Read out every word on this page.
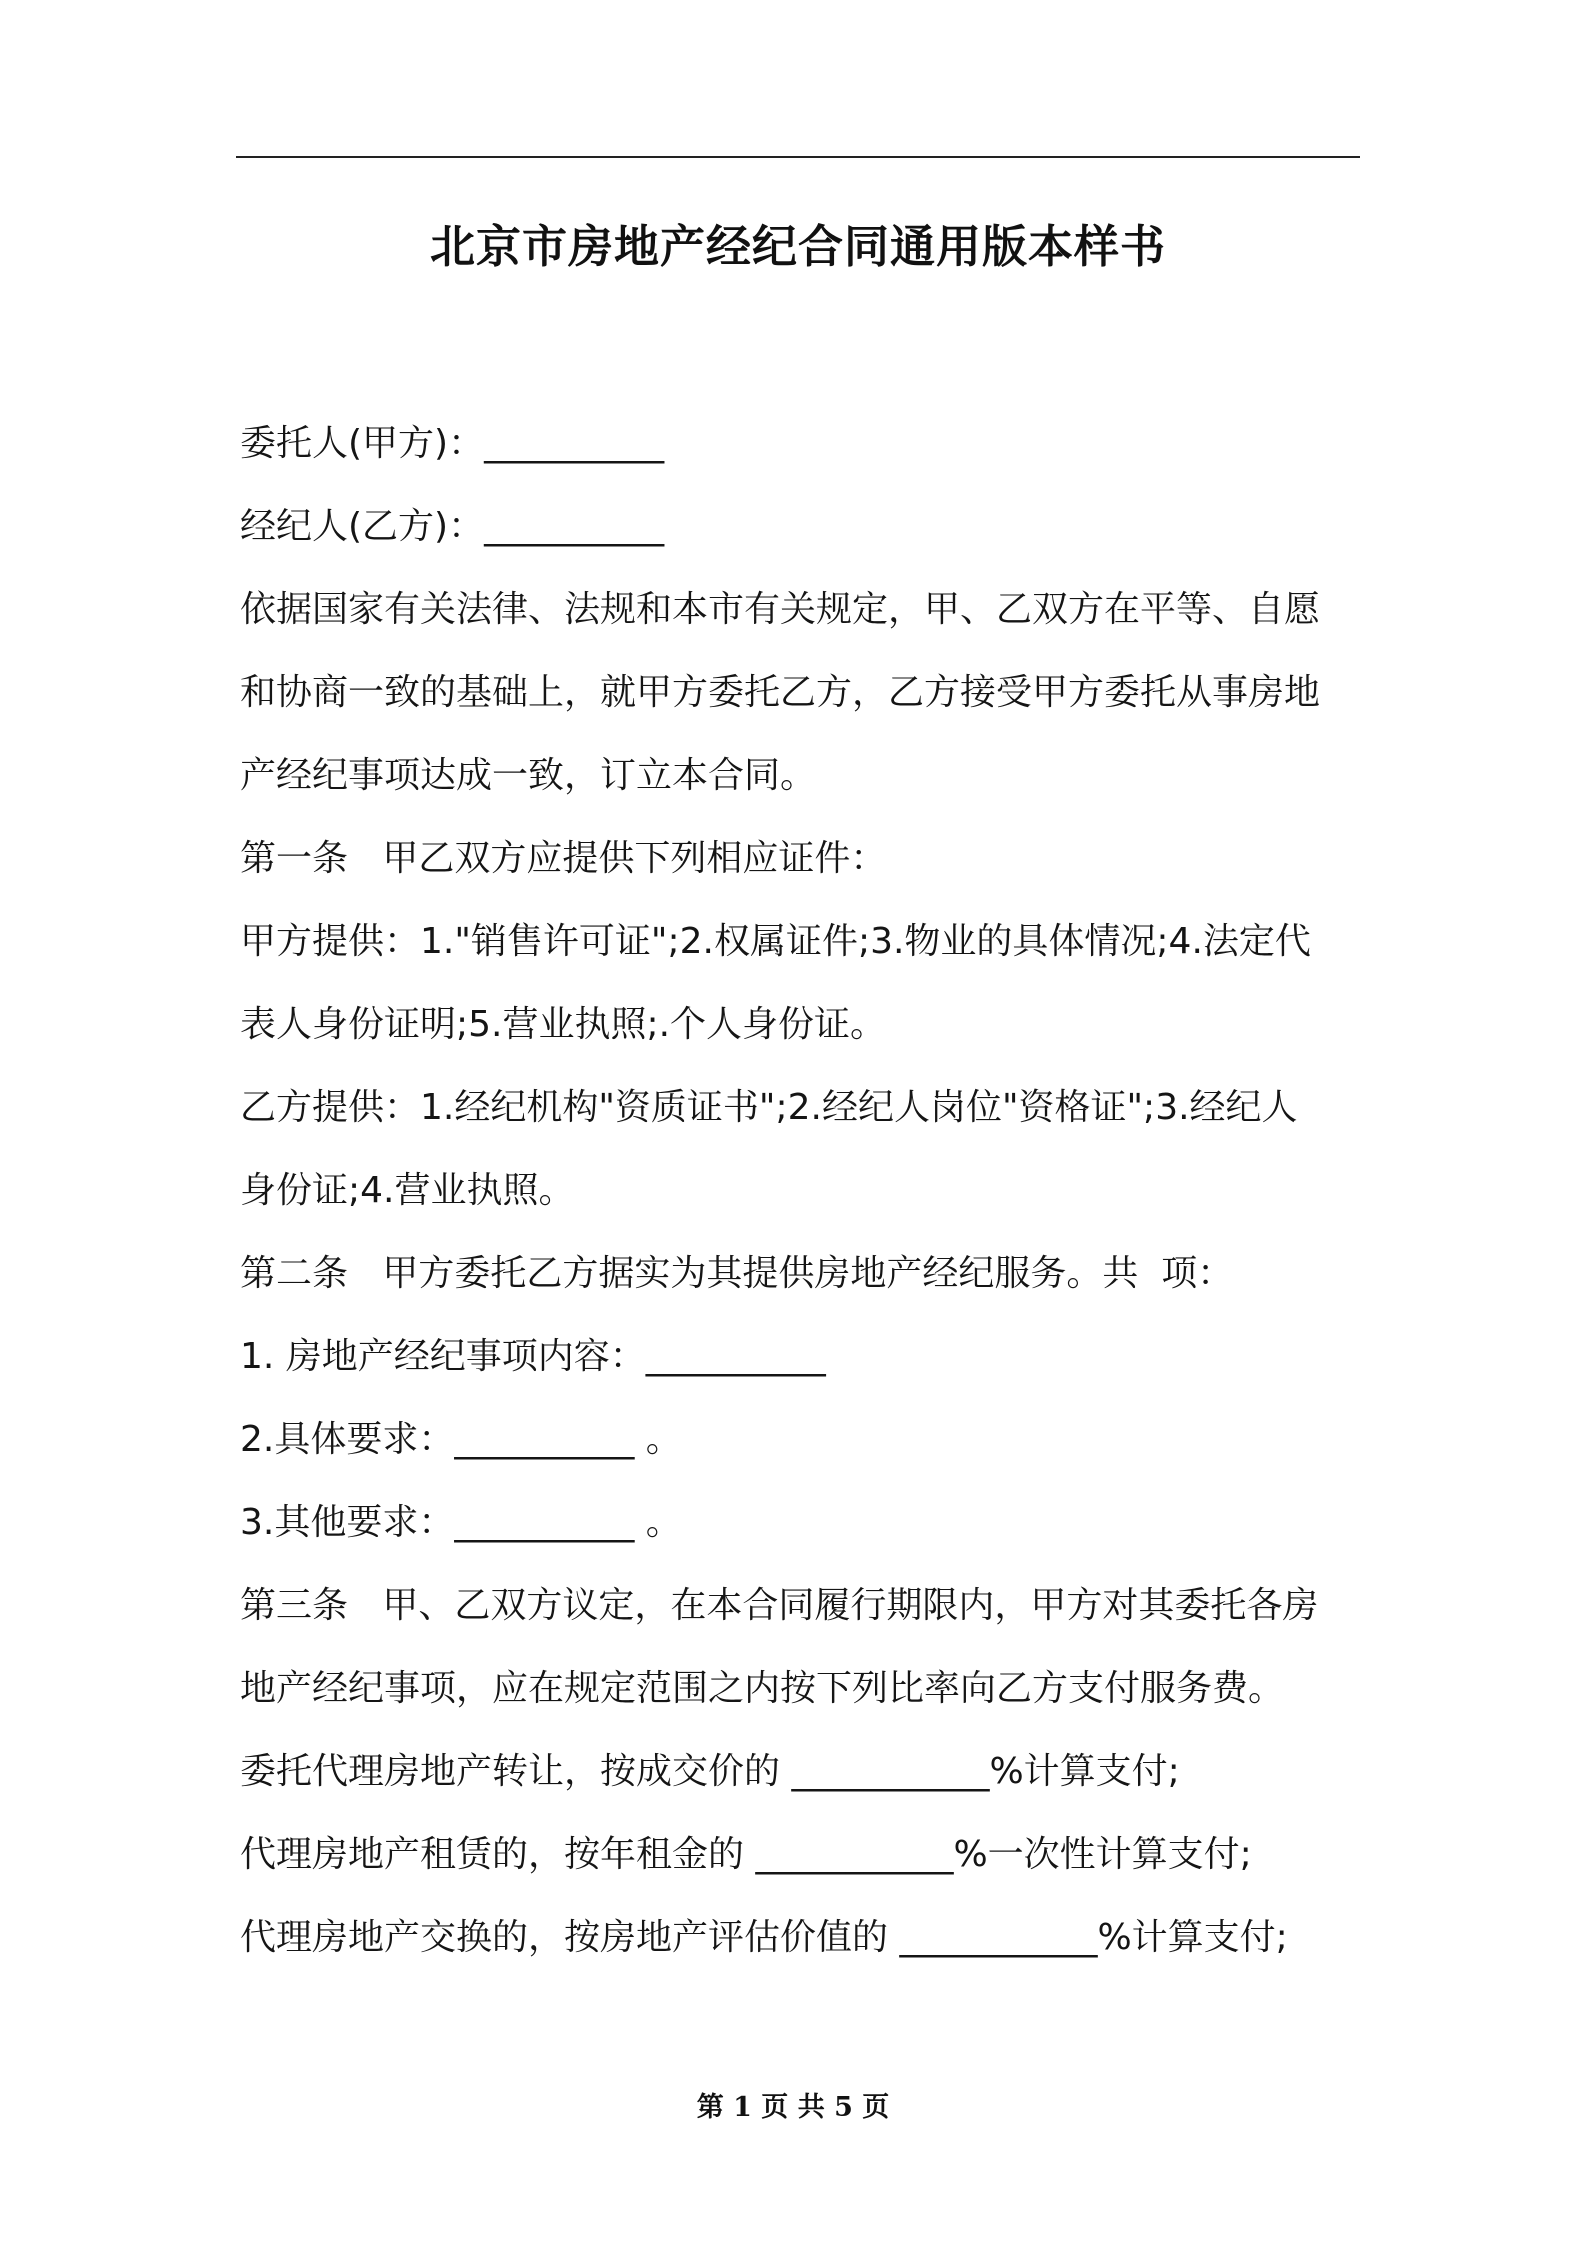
北京市房地产经纪合同通用版本样书

委托人(甲方)：__________

经纪人(乙方)：__________

依据国家有关法律、法规和本市有关规定，甲、乙双方在平等、自愿

和协商一致的基础上，就甲方委托乙方，乙方接受甲方委托从事房地

产经纪事项达成一致，订立本合同。

第一条   甲乙双方应提供下列相应证件：

甲方提供：1."销售许可证";2.权属证件;3.物业的具体情况;4.法定代

表人身份证明;5.营业执照;.个人身份证。

乙方提供：1.经纪机构"资质证书";2.经纪人岗位"资格证";3.经纪人

身份证;4.营业执照。

第二条   甲方委托乙方据实为其提供房地产经纪服务。共  项：

1. 房地产经纪事项内容：__________

2.具体要求：__________ 。

3.其他要求：__________ 。

第三条   甲、乙双方议定，在本合同履行期限内，甲方对其委托各房

地产经纪事项，应在规定范围之内按下列比率向乙方支付服务费。

委托代理房地产转让，按成交价的 ___________%计算支付;

代理房地产租赁的，按年租金的 ___________%一次性计算支付;

代理房地产交换的，按房地产评估价值的 ___________%计算支付;

第 1 页 共 5 页
